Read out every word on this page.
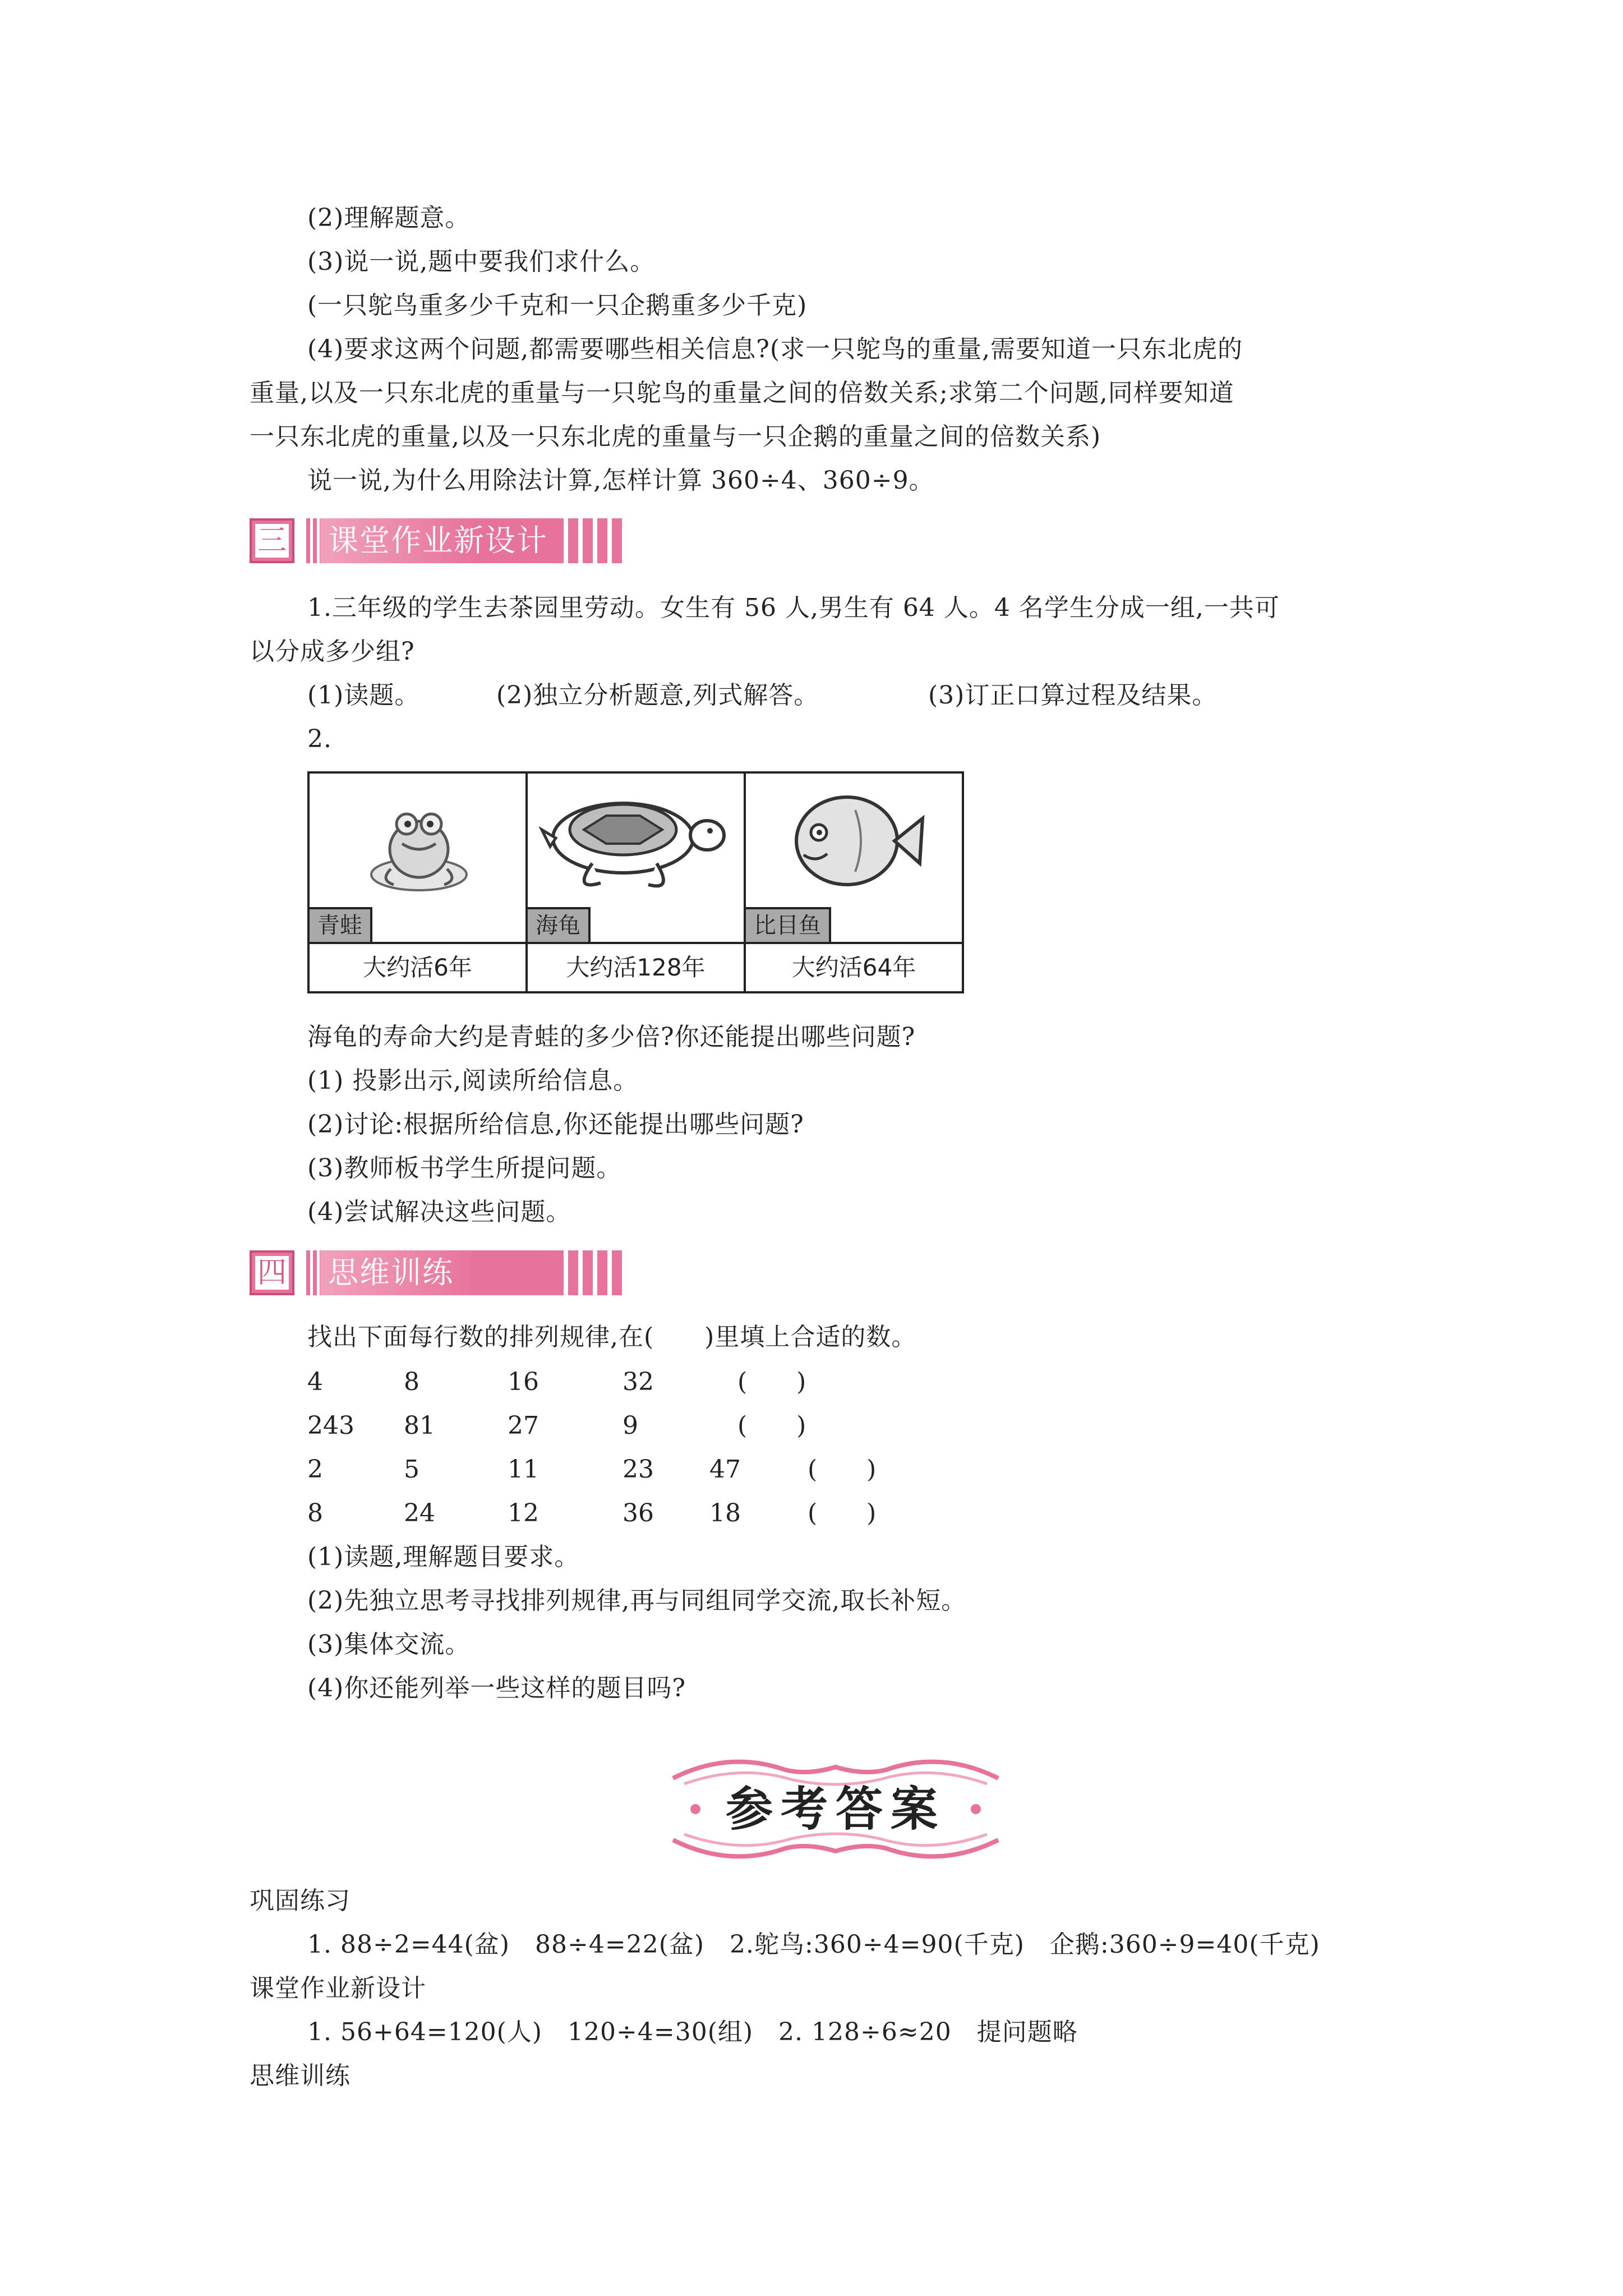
(2)理解题意。
(3)说一说,题中要我们求什么。
(一只鸵鸟重多少千克和一只企鹅重多少千克)
(4)要求这两个问题,都需要哪些相关信息?(求一只鸵鸟的重量,需要知道一只东北虎的
重量,以及一只东北虎的重量与一只鸵鸟的重量之间的倍数关系;求第二个问题,同样要知道
一只东北虎的重量,以及一只东北虎的重量与一只企鹅的重量之间的倍数关系)
说一说,为什么用除法计算,怎样计算 360÷4、360÷9。
三 课堂作业新设计
1.三年级的学生去茶园里劳动。女生有 56 人,男生有 64 人。4 名学生分成一组,一共可
以分成多少组?
(1)读题。	(2)独立分析题意,列式解答。	(3)订正口算过程及结果。
2.
青蛙	海龟	比目鱼

大约活6年	大约活128年	大约活64年
海龟的寿命大约是青蛙的多少倍?你还能提出哪些问题?
(1) 投影出示,阅读所给信息。
(2)讨论:根据所给信息,你还能提出哪些问题?
(3)教师板书学生所提问题。
(4)尝试解决这些问题。
四 思维训练
找出下面每行数的排列规律,在(　　)里填上合适的数。
4	8	16	32	(　　)
243 81	27	9	(　　)
2	5	11	23 47	(　　)
8	24	12	36 18	(　　)
(1)读题,理解题目要求。
(2)先独立思考寻找排列规律,再与同组同学交流,取长补短。
(3)集体交流。
(4)你还能列举一些这样的题目吗?
参考答案
巩固练习
1. 88÷2=44(盆)　88÷4=22(盆)　2.鸵鸟:360÷4=90(千克)　企鹅:360÷9=40(千克)
课堂作业新设计
1. 56+64=120(人)　120÷4=30(组)　2. 128÷6≈20　提问题略
思维训练
